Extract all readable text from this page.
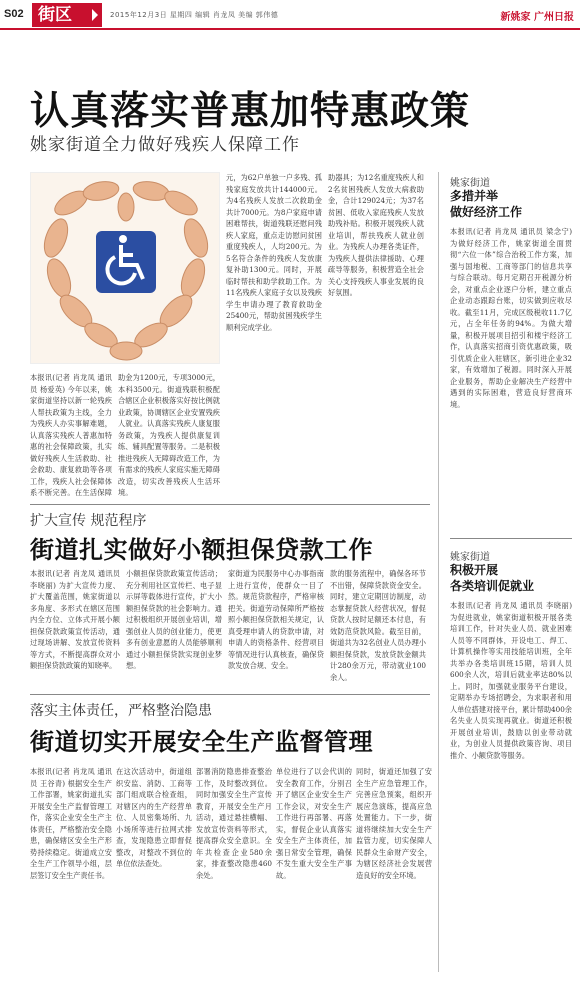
S02 街区	2015年12月3日 星期四 编辑 肖龙凤 美编 郭伟德	新姚家 广州日报
认真落实普惠加特惠政策
姚家街道全力做好残疾人保障工作
本报讯(记者 肖龙凤 通讯员 杨爱英) 今年以来，姚家街道坚持以新一轮残疾人帮扶政策为主线，全力为残疾人办实事解难题，认真落实残疾人普惠加特惠的社会保障政策，扎实做好残疾人生活救助、社会救助、康复救助等各项工作，残疾人社会保障体系不断完善。在生活保障
元，为62户单独一户多残、孤残家庭发放共计144000元。为4名残疾人发放二次救助金共计7000元。为8户家庭申请困难帮扶，街道残联还慰问残疾人家庭，重点走访慰问贫困重度残疾人，人均200元。为5名符合条件的残疾人发放康复补助1300元。同时，开展临时帮扶和助学救助工作。为11名残疾人家庭子女以及残疾学生申请办理了教育救助金25400元，帮助贫困残疾学生顺利完成学业。
助器具；为12名重度残疾人和2名贫困残疾人发放大病救助金，合计129024元；为37名贫困、低收入家庭残疾人发放助残补贴。积极开展残疾人就业培训，帮扶残疾人就业创业。为残疾人办理各类证件，为残疾人提供法律援助、心理疏导等服务，积极营造全社会关心支持残疾人事业发展的良好氛围。
助金为1200元，专项3000元，本科3500元。街道残联积极配合辖区企业积极落实好按比例就业政策，协调辖区企业安置残疾人就业。认真落实残疾人康复服务政策，为残疾人提供康复训练、辅具配置等服务。二是积极推进残疾人无障碍改造工作，为有需求的残疾人家庭实施无障碍改造，切实改善残疾人生活环境。
姚家街道
多措并举
做好经济工作
本报讯(记者 肖龙凤 通讯员 梁念宁) 为做好经济工作，姚家街道全面贯彻“六位一体”综合治税工作方案，加强与国地税、工商等部门的信息共享与综合联动。每月定期召开税源分析会，对重点企业逐户分析，建立重点企业动态跟踪台账，切实做到应收尽收。截至11月，完成区级税收11.7亿元，占全年任务的94%。为做大增量，积极开展项目招引和楼宇经济工作，认真落实招商引资优惠政策，吸引优质企业入驻辖区，新引进企业32家，有效增加了税源。同时深入开展企业服务，帮助企业解决生产经营中遇到的实际困难，营造良好营商环境。
姚家街道
积极开展
各类培训促就业
本报讯(记者 肖龙凤 通讯员 李晓丽) 为促进就业，姚家街道积极开展各类培训工作，针对失业人员、就业困难人员等不同群体，开设电工、焊工、计算机操作等实用技能培训班，全年共举办各类培训班15期，培训人员600余人次，培训后就业率达80%以上。同时，加强就业服务平台建设，定期举办专场招聘会，为求职者和用人单位搭建对接平台，累计帮助400余名失业人员实现再就业。街道还积极开展创业培训，鼓励以创业带动就业，为创业人员提供政策咨询、项目推介、小额贷款等服务。
扩大宣传 规范程序
街道扎实做好小额担保贷款工作
本报讯(记者 肖龙凤 通讯员 李晓丽) 为扩大宣传力度、扩大覆盖范围，姚家街道以多角度、多形式在辖区范围内全方位、立体式开展小额担保贷款政策宣传活动，通过现场讲解、发放宣传资料等方式，不断提高群众对小额担保贷款政策的知晓率。
小额担保贷款政策宣传活动；充分利用社区宣传栏、电子显示屏等载体进行宣传，扩大小额担保贷款的社会影响力。通过积极组织开展创业培训，增强创业人员的创业能力，使更多有创业意愿的人员能够顺利通过小额担保贷款实现创业梦想。
家街道为民服务中心办事指南上进行宣传，使群众一目了然。规范贷款程序，严格审核把关。街道劳动保障所严格按照小额担保贷款相关规定，认真受理申请人的贷款申请，对申请人的资格条件、经营项目等情况进行认真核查，确保贷款发放合规、安全。
款的服务流程中，确保各环节不出错，保障贷款资金安全。同时，建立定期回访制度，动态掌握贷款人经营状况，督促贷款人按时足额还本付息，有效防范贷款风险。截至目前，街道共为32名创业人员办理小额担保贷款，发放贷款金额共计280余万元，带动就业100余人。
落实主体责任，严格整治隐患
街道切实开展安全生产监督管理
本报讯(记者 肖龙凤 通讯员 王谷青) 根据安全生产工作部署，姚家街道扎实开展安全生产监督管理工作，落实企业安全生产主体责任，严格整治安全隐患，确保辖区安全生产形势持续稳定。街道成立安全生产工作领导小组，层层签订安全生产责任书。
在这次活动中，街道组织安监、消防、工商等部门组成联合检查组，对辖区内的生产经营单位、人员密集场所、九小场所等进行拉网式排查，发现隐患立即督促整改，对整改不到位的单位依法查处。
部署消防隐患排查整治工作，及时整改到位。同时加强安全生产宣传教育，开展安全生产月活动，通过悬挂横幅、发放宣传资料等形式，提高群众安全意识。全年共检查企业580余家，排查整改隐患460余处。
单位进行了以会代训的安全教育工作，分别召开了辖区企业安全生产工作会议，对安全生产工作进行再部署、再落实，督促企业认真落实安全生产主体责任，加强日常安全管理，确保不发生重大安全生产事故。
同时，街道还加强了安全生产应急管理工作，完善应急预案，组织开展应急演练，提高应急处置能力。下一步，街道将继续加大安全生产监管力度，切实保障人民群众生命财产安全，为辖区经济社会发展营造良好的安全环境。
